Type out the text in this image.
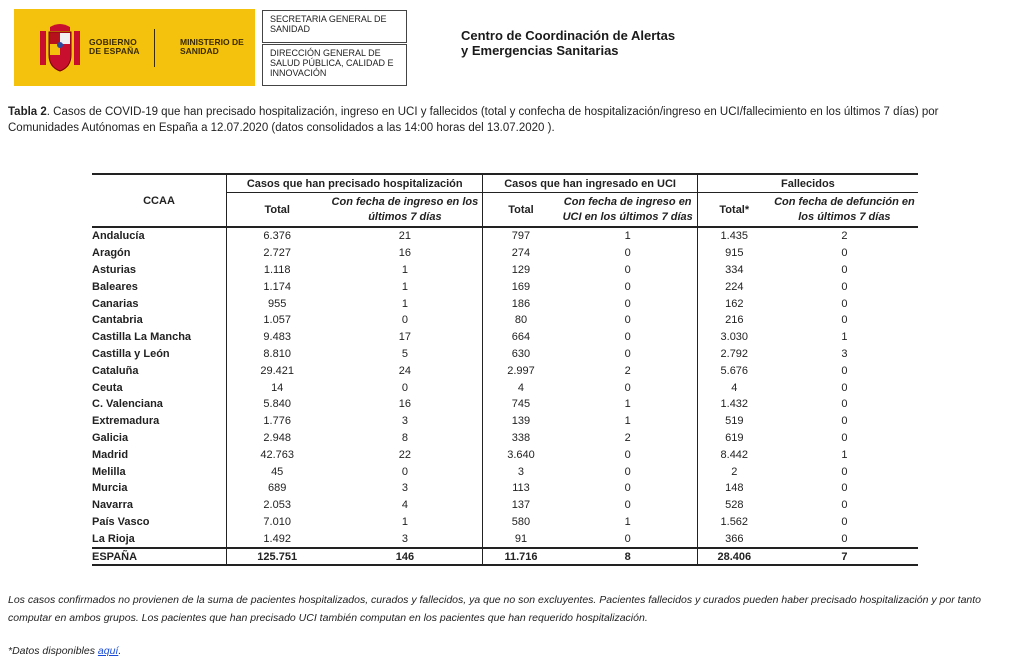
GOBIERNO DE ESPAÑA
MINISTERIO DE SANIDAD
SECRETARIA GENERAL DE SANIDAD
DIRECCIÓN GENERAL DE SALUD PÚBLICA, CALIDAD E INNOVACIÓN
Centro de Coordinación de Alertas y Emergencias Sanitarias
Tabla 2. Casos de COVID-19 que han precisado hospitalización, ingreso en UCI y fallecidos (total y confecha de hospitalización/ingreso en UCI/fallecimiento en los últimos 7 días) por Comunidades Autónomas en España a 12.07.2020 (datos consolidados a las 14:00 horas del 13.07.2020 ).
CCAA	Casos que han precisado hospitalización		Casos que han ingresado en UCI		Fallecidos	
	Total	Con fecha de ingreso en los últimos 7 días	Total	Con fecha de ingreso en UCI en los últimos 7 días	Total*	Con fecha de defunción en los últimos 7 días
Andalucía	6.376	21	797	1	1.435	2
Aragón	2.727	16	274	0	915	0
Asturias	1.118	1	129	0	334	0
Baleares	1.174	1	169	0	224	0
Canarias	955	1	186	0	162	0
Cantabria	1.057	0	80	0	216	0
Castilla La Mancha	9.483	17	664	0	3.030	1
Castilla y León	8.810	5	630	0	2.792	3
Cataluña	29.421	24	2.997	2	5.676	0
Ceuta	14	0	4	0	4	0
C. Valenciana	5.840	16	745	1	1.432	0
Extremadura	1.776	3	139	1	519	0
Galicia	2.948	8	338	2	619	0
Madrid	42.763	22	3.640	0	8.442	1
Melilla	45	0	3	0	2	0
Murcia	689	3	113	0	148	0
Navarra	2.053	4	137	0	528	0
País Vasco	7.010	1	580	1	1.562	0
La Rioja	1.492	3	91	0	366	0
ESPAÑA	125.751	146	11.716	8	28.406	7
Los casos confirmados no provienen de la suma de pacientes hospitalizados, curados y fallecidos, ya que no son excluyentes. Pacientes fallecidos y curados pueden haber precisado hospitalización y por tanto computar en ambos grupos. Los pacientes que han precisado UCI también computan en los pacientes que han requerido hospitalización.
*Datos disponibles aquí.
